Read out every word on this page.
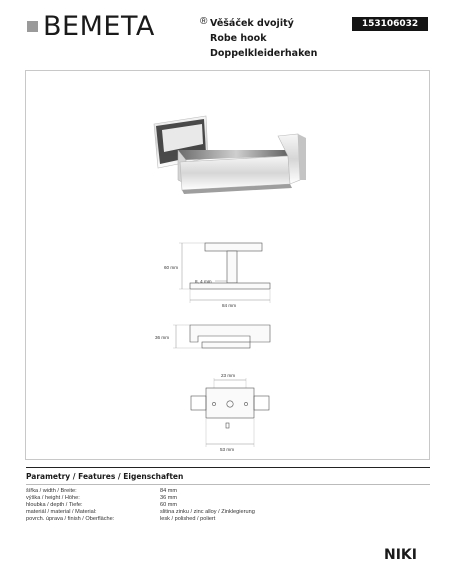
BEMETA	® Věšáček dvojitý
Robe hook
Doppelkleiderhaken
153106032
60 mm
8, 4 mm
84 mm
36 mm
23 mm
53 mm
Parametry / Features / Eigenschaften
šířka / width / Breite:	84 mm
výška / height / Höhe:	36 mm
hloubka / depth / Tiefe:	60 mm
materiál / material / Material:	slitina zinku / zinc alloy / Zinklegierung
povrch. úprava / finish / Oberfläche:	lesk / polished / poliert
NIKI
